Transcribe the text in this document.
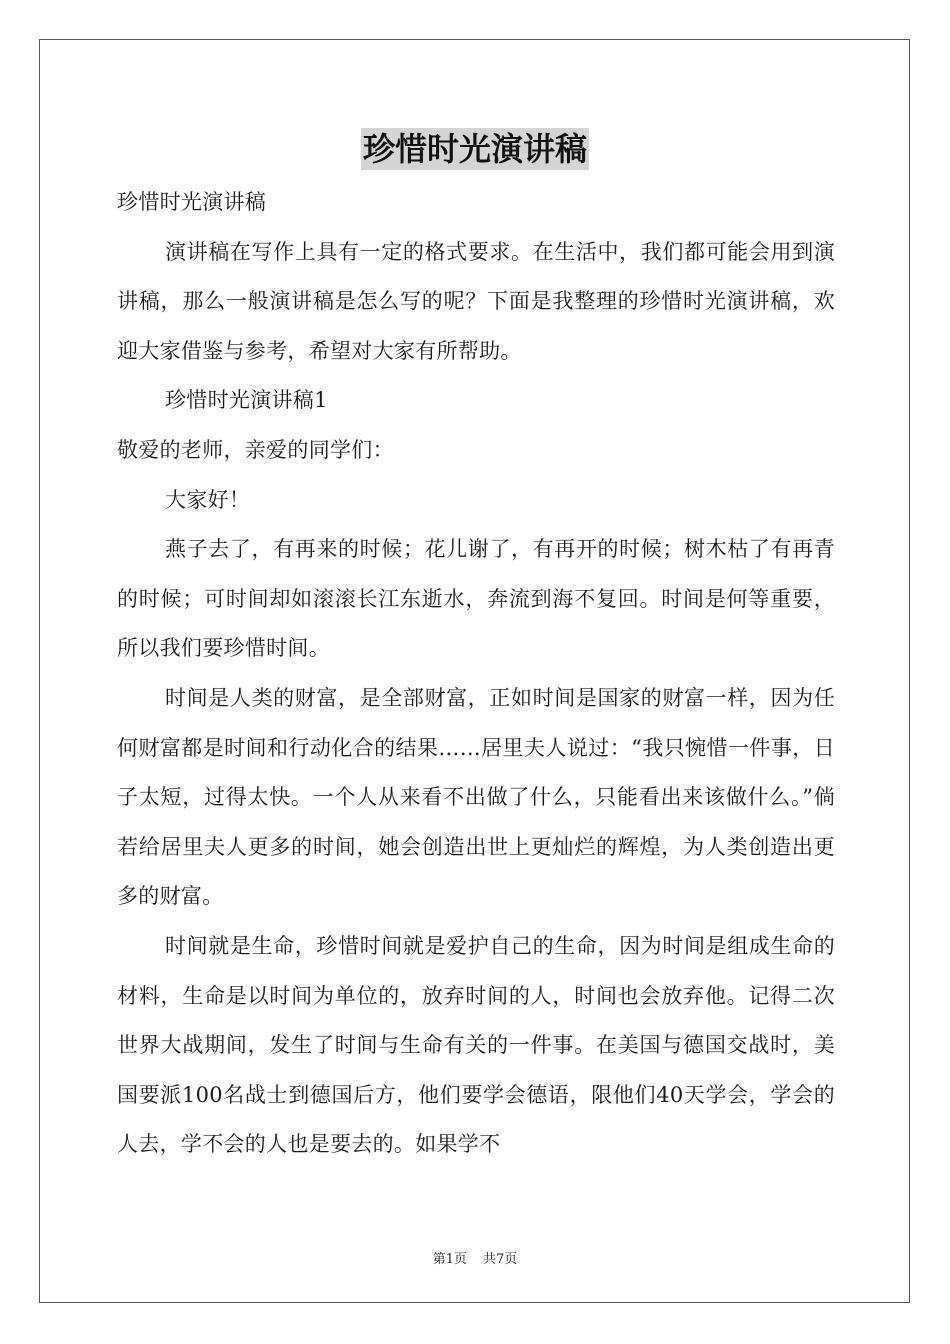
珍惜时光演讲稿

珍惜时光演讲稿

演讲稿在写作上具有一定的格式要求。在生活中，我们都可能会用到演讲稿，那么一般演讲稿是怎么写的呢？下面是我整理的珍惜时光演讲稿，欢迎大家借鉴与参考，希望对大家有所帮助。

珍惜时光演讲稿1

敬爱的老师，亲爱的同学们：

大家好！

燕子去了，有再来的时候；花儿谢了，有再开的时候；树木枯了有再青的时候；可时间却如滚滚长江东逝水，奔流到海不复回。时间是何等重要，所以我们要珍惜时间。

时间是人类的财富，是全部财富，正如时间是国家的财富一样，因为任何财富都是时间和行动化合的结果……居里夫人说过：“我只惋惜一件事，日子太短，过得太快。一个人从来看不出做了什么，只能看出来该做什么。”倘若给居里夫人更多的时间，她会创造出世上更灿烂的辉煌，为人类创造出更多的财富。

时间就是生命，珍惜时间就是爱护自己的生命，因为时间是组成生命的材料，生命是以时间为单位的，放弃时间的人，时间也会放弃他。记得二次世界大战期间，发生了时间与生命有关的一件事。在美国与德国交战时，美国要派100名战士到德国后方，他们要学会德语，限他们40天学会，学会的人去，学不会的人也是要去的。如果学不

第1页 共7页
